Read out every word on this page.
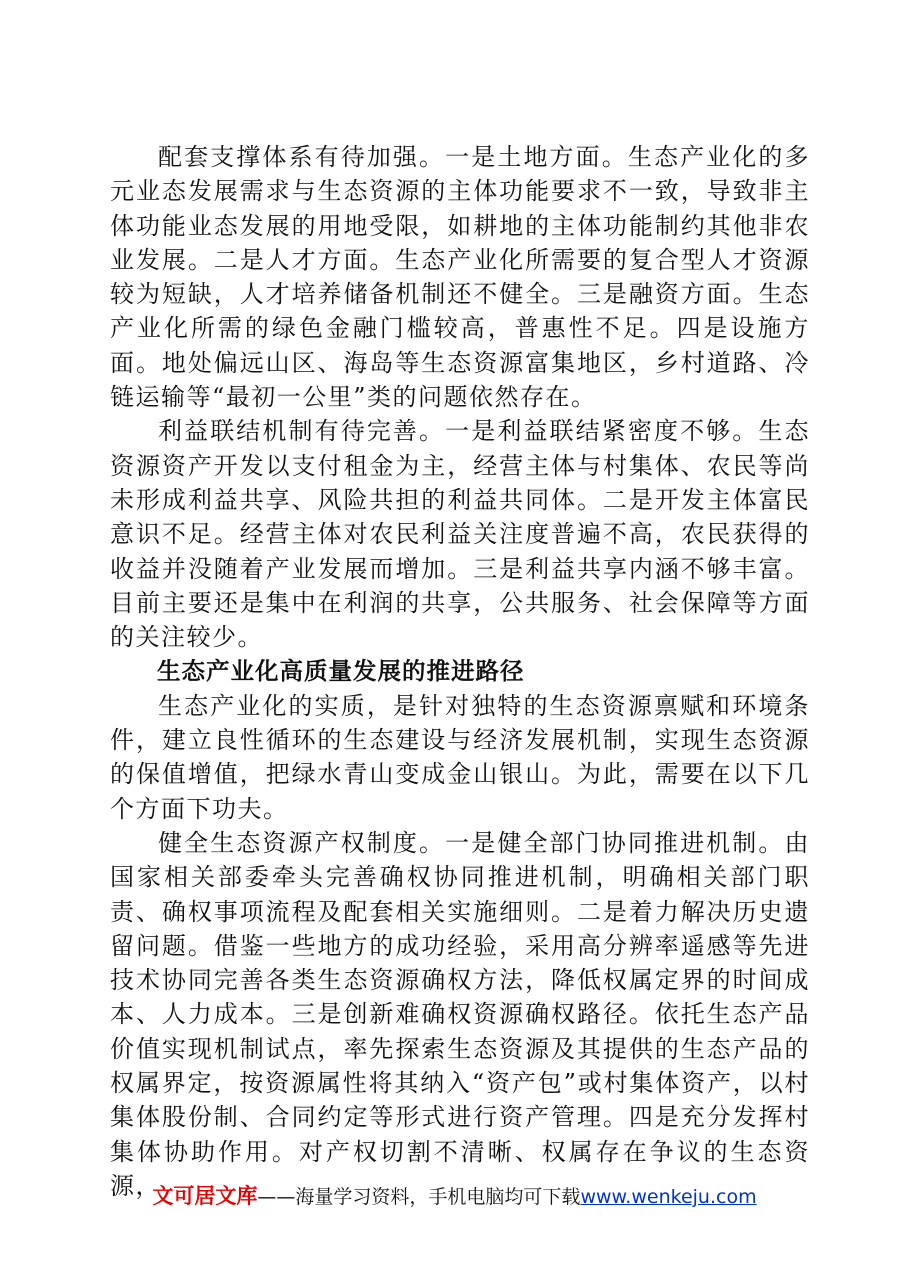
配套支撑体系有待加强。一是土地方面。生态产业化的多元业态发展需求与生态资源的主体功能要求不一致，导致非主体功能业态发展的用地受限，如耕地的主体功能制约其他非农业发展。二是人才方面。生态产业化所需要的复合型人才资源较为短缺，人才培养储备机制还不健全。三是融资方面。生态产业化所需的绿色金融门槛较高，普惠性不足。四是设施方面。地处偏远山区、海岛等生态资源富集地区，乡村道路、冷链运输等“最初一公里”类的问题依然存在。

利益联结机制有待完善。一是利益联结紧密度不够。生态资源资产开发以支付租金为主，经营主体与村集体、农民等尚未形成利益共享、风险共担的利益共同体。二是开发主体富民意识不足。经营主体对农民利益关注度普遍不高，农民获得的收益并没随着产业发展而增加。三是利益共享内涵不够丰富。目前主要还是集中在利润的共享，公共服务、社会保障等方面的关注较少。

生态产业化高质量发展的推进路径

生态产业化的实质，是针对独特的生态资源禀赋和环境条件，建立良性循环的生态建设与经济发展机制，实现生态资源的保值增值，把绿水青山变成金山银山。为此，需要在以下几个方面下功夫。

健全生态资源产权制度。一是健全部门协同推进机制。由国家相关部委牵头完善确权协同推进机制，明确相关部门职责、确权事项流程及配套相关实施细则。二是着力解决历史遗留问题。借鉴一些地方的成功经验，采用高分辨率遥感等先进技术协同完善各类生态资源确权方法，降低权属定界的时间成本、人力成本。三是创新难确权资源确权路径。依托生态产品价值实现机制试点，率先探索生态资源及其提供的生态产品的权属界定，按资源属性将其纳入“资产包”或村集体资产，以村集体股份制、合同约定等形式进行资产管理。四是充分发挥村集体协助作用。对产权切割不清晰、权属存在争议的生态资源，

文可居文库——海量学习资料，手机电脑均可下载www.wenkeju.com
